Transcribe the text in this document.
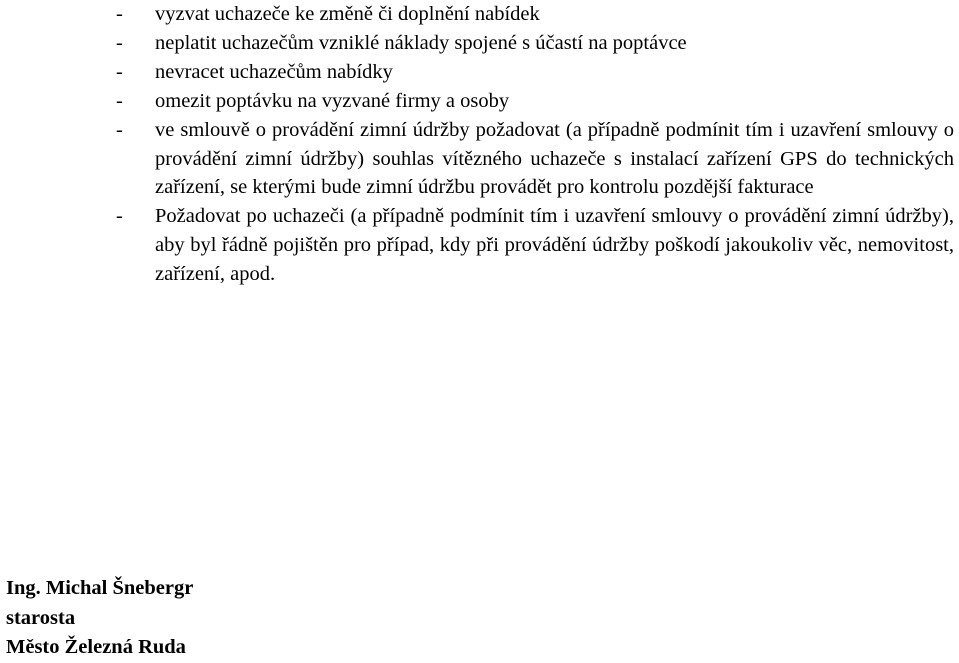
- vyzvat uchazeče ke změně či doplnění nabídek
- neplatit uchazečům vzniklé náklady spojené s účastí na poptávce
- nevracet uchazečům nabídky
- omezit poptávku na vyzvané firmy a osoby
- ve smlouvě o provádění zimní údržby požadovat (a případně podmínit tím i uzavření smlouvy o provádění zimní údržby) souhlas vítězného uchazeče s instalací zařízení GPS do technických zařízení, se kterými bude zimní údržbu provádět pro kontrolu pozdější fakturace
- Požadovat po uchazeči (a případně podmínit tím i uzavření smlouvy o provádění zimní údržby), aby byl řádně pojištěn pro případ, kdy při provádění údržby poškodí jakoukoliv věc, nemovitost, zařízení, apod.
Ing. Michal Šnebergr
starosta
Město Železná Ruda
